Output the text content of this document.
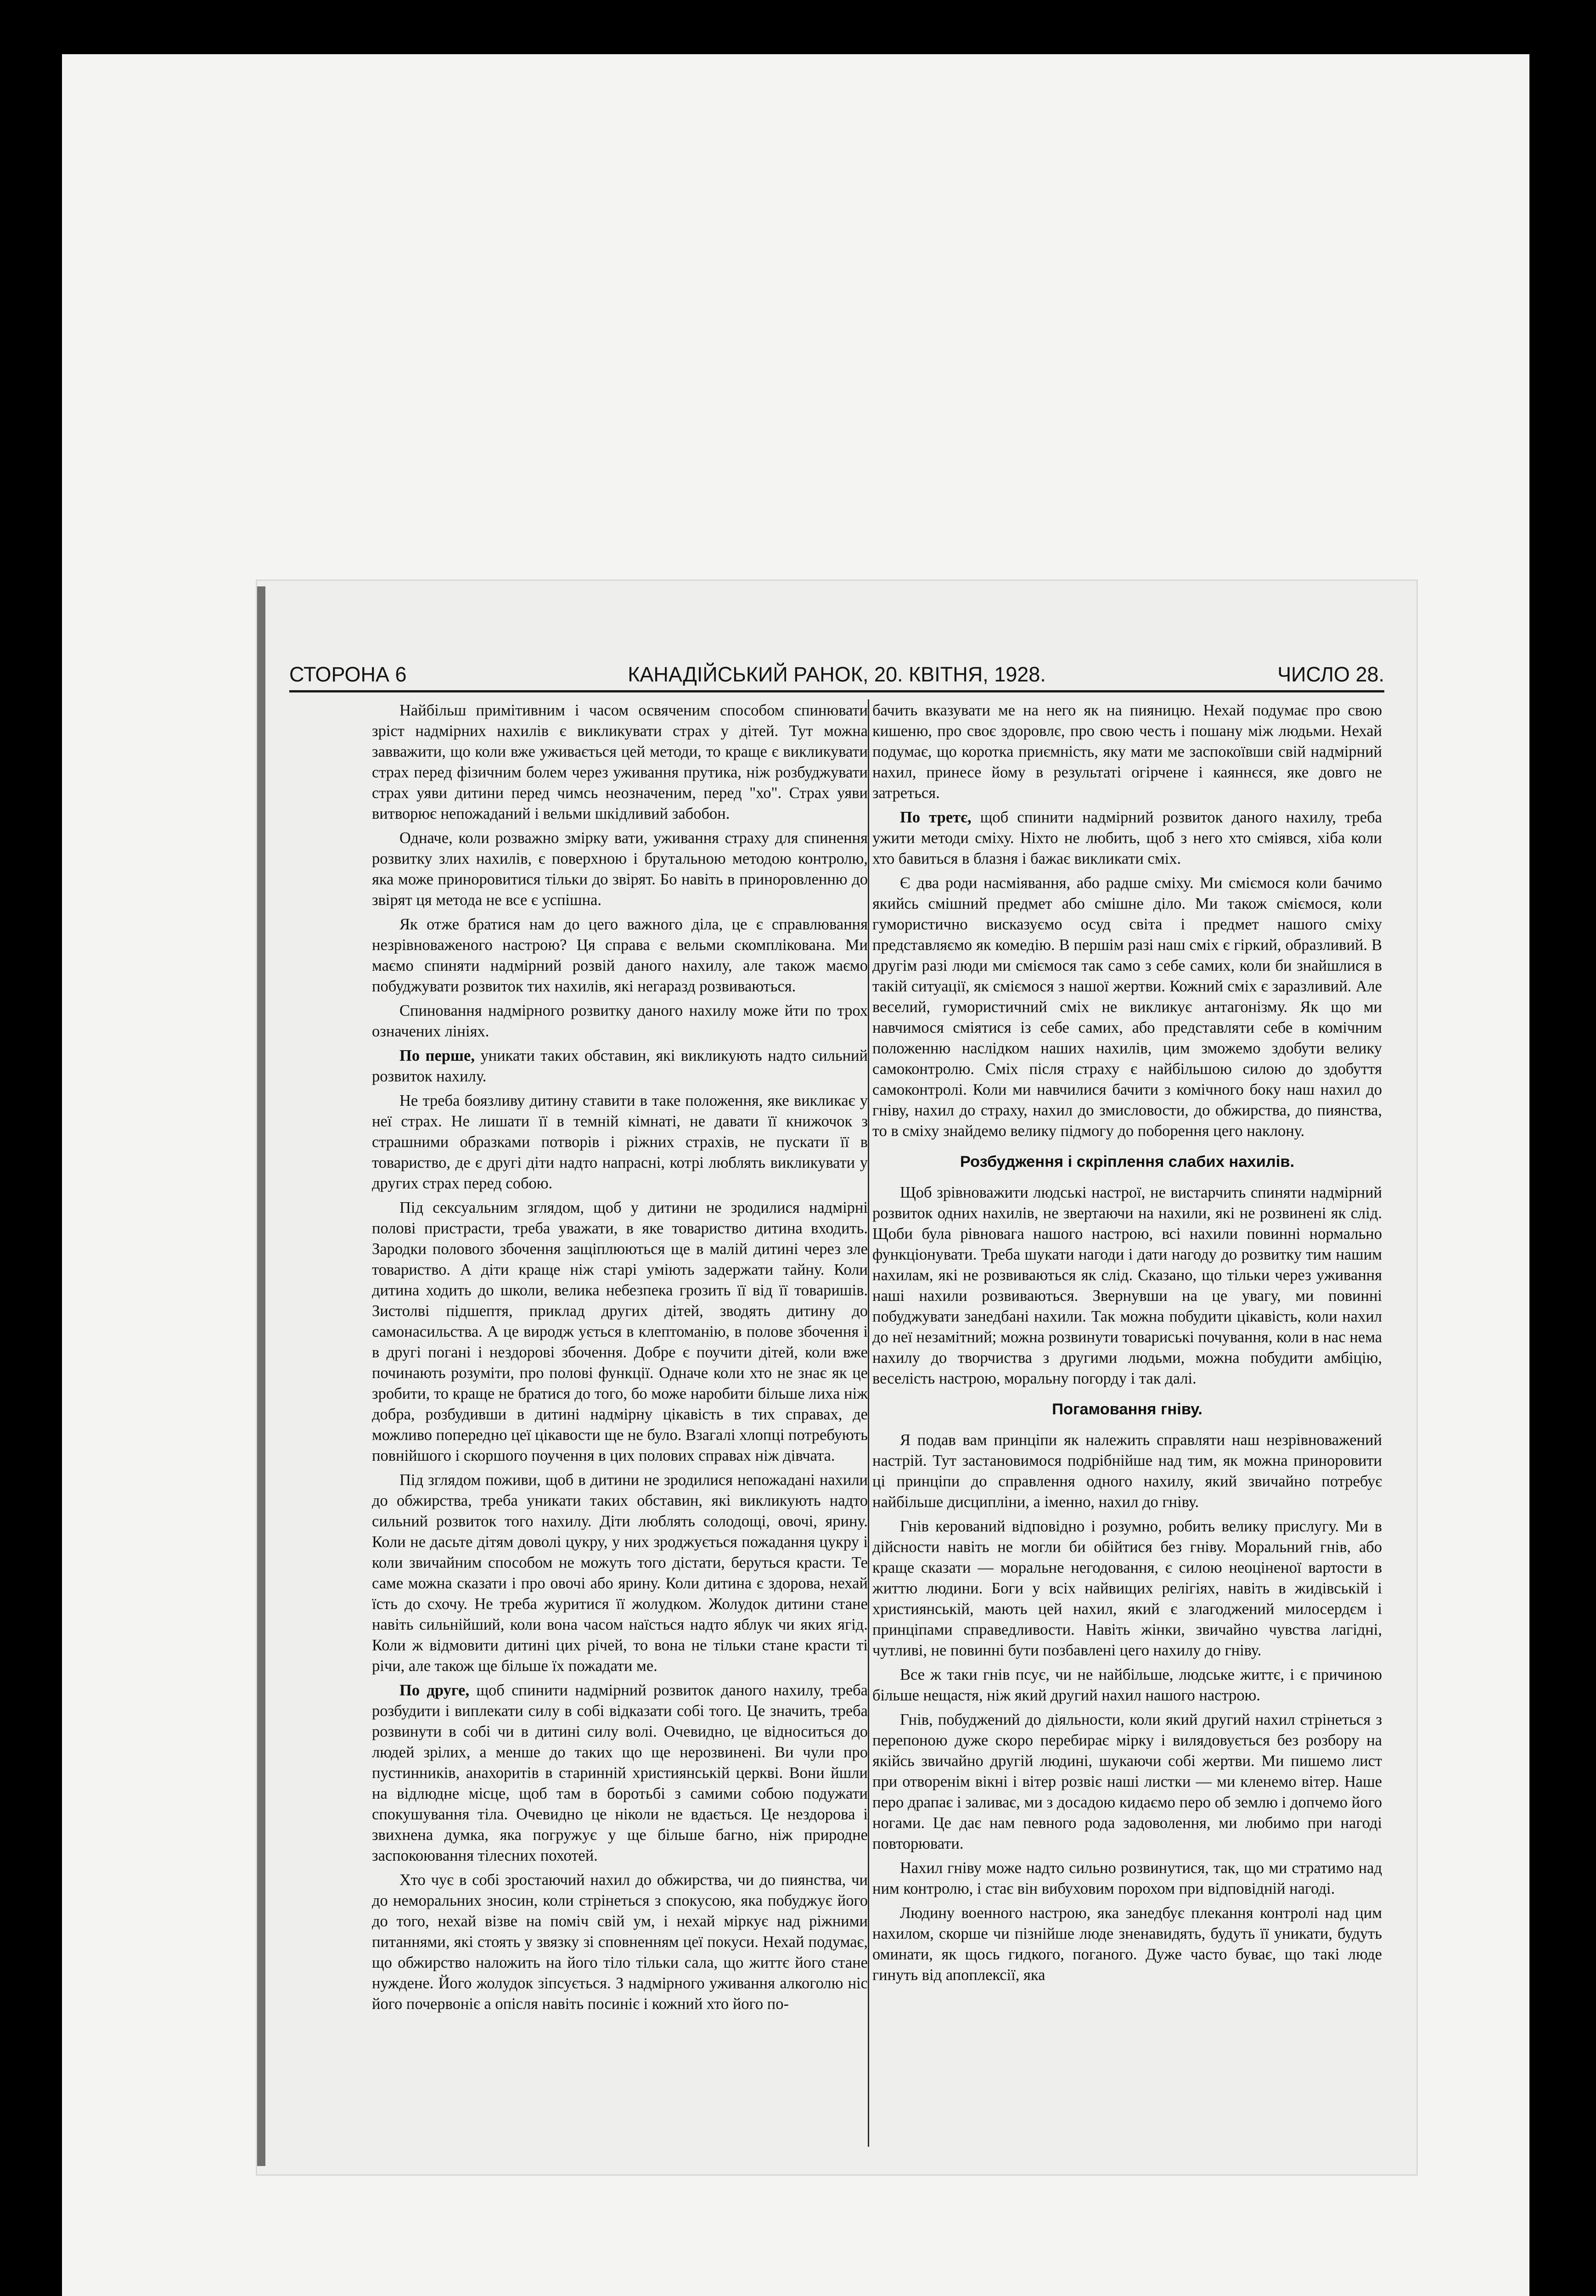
СТОРОНА 6	КАНАДІЙСЬКИЙ РАНОК, 20. КВІТНЯ, 1928.	ЧИСЛО 28.

Найбільш примітивним і часом освяченим способом спинювати зріст надмірних нахилів є викликувати страх у дітей. Тут можна завважити, що коли вже уживається цей методи, то краще є викликувати страх перед фізичним болем через уживання прутика, ніж розбуджувати страх уяви дитини перед чимсь неозначеним, перед "хо". Страх уяви витворює непожаданий і вельми шкідливий забобон.

Одначе, коли розважно змірку вати, уживання страху для спинення розвитку злих нахилів, є поверхною і брутальною методою контролю, яка може приноровитися тільки до звірят. Бо навіть в приноровленню до звірят ця метода не все є успішна.

Як отже братися нам до цего важного діла, це є справлювання незрівноваженого настрою? Ця справа є вельми скомплікована. Ми маємо спиняти надмірний розвій даного нахилу, але також маємо побуджувати розвиток тих нахилів, які негаразд розвиваються.

Спиновання надмірного розвитку даного нахилу може йти по трох означених лініях.

По перше, уникати таких обставин, які викликують надто сильний розвиток нахилу.

Не треба боязливу дитину ставити в таке положення, яке викликає у неї страх. Не лишати її в темній кімнаті, не давати її книжочок з страшними образками потворів і ріжних страхів, не пускати її в товариство, де є другі діти надто напрасні, котрі люблять викликувати у других страх перед собою.

Під сексуальним зглядом, щоб у дитини не зродилися надмірні полові пристрасти, треба уважати, в яке товариство дитина входить. Зародки полового збочення защіплюються ще в малій дитині через зле товариство. А діти краще ніж старі уміють задержати тайну. Коли дитина ходить до школи, велика небезпека грозить її від її товаришів. Зистолві підшептя, приклад других дітей, зводять дитину до самонасильства. А це виродж ується в клептоманію, в полове збочення і в другі погані і нездорові збочення. Добре є поучити дітей, коли вже починають розуміти, про полові функції. Одначе коли хто не знає як це зробити, то краще не братися до того, бо може наробити більше лиха ніж добра, розбудивши в дитині надмірну цікавість в тих справах, де можливо попередно цеї цікавости ще не було. Взагалі хлопці потребують повнійшого і скоршого поучення в цих полових справах ніж дівчата.

Під зглядом поживи, щоб в дитини не зродилися непожадані нахили до обжирства, треба уникати таких обставин, які викликують надто сильний розвиток того нахилу. Діти люблять солодощі, овочі, ярину. Коли не дасьте дітям доволі цукру, у них зроджується пожадання цукру і коли звичайним способом не можуть того дістати, беруться красти. Те саме можна сказати і про овочі або ярину. Коли дитина є здорова, нехай їсть до схочу. Не треба журитися її жолудком. Жолудок дитини стане навіть сильнійший, коли вона часом наїсться надто яблук чи яких ягід. Коли ж відмовити дитині цих річей, то вона не тільки стане красти ті річи, але також ще більше їх пожадати ме.

По друге, щоб спинити надмірний розвиток даного нахилу, треба розбудити і виплекати силу в собі відказати собі того. Це значить, треба розвинути в собі чи в дитині силу волі. Очевидно, це відноситься до людей зрілих, а менше до таких що ще нерозвинені. Ви чули про пустинників, анахоритів в старинній християнській церкві. Вони йшли на відлюдне місце, щоб там в боротьбі з самими собою подужати спокушування тіла. Очевидно це ніколи не вдається. Це нездорова і звихнена думка, яка погружує у ще більше багно, ніж природне заспокоювання тілесних похотей.

Хто чує в собі зростаючий нахил до обжирства, чи до пиянства, чи до неморальних зносин, коли стрінеться з спокусою, яка побуджує його до того, нехай візве на поміч свій ум, і нехай міркує над ріжними питаннями, які стоять у звязку зі сповненням цеї покуси. Нехай подумає, що обжирство наложить на його тіло тільки сала, що життє його стане нуждене. Його жолудок зіпсується. З надмірного уживання алкоголю ніс його почервоніє а опісля навіть посиніє і кожний хто його по-

бачить вказувати ме на него як на пияницю. Нехай подумає про свою кишеню, про своє здоровлє, про свою честь і пошану між людьми. Нехай подумає, що коротка приємність, яку мати ме заспокоївши свій надмірний нахил, принесе йому в результаті огірчене і каяннєся, яке довго не затреться.

По третє, щоб спинити надмірний розвиток даного нахилу, треба ужити методи сміху. Ніхто не любить, щоб з него хто сміявся, хіба коли хто бавиться в блазня і бажає викликати сміх.

Є два роди насміявання, або радше сміху. Ми сміємося коли бачимо якийсь смішний предмет або смішне діло. Ми також сміємося, коли гумористично висказуємо осуд світа і предмет нашого сміху представляємо як комедію. В першім разі наш сміх є гіркий, образливий. В другім разі люди ми сміємося так само з себе самих, коли би знайшлися в такій ситуації, як сміємося з нашої жертви. Кожний сміх є заразливий. Але веселий, гумористичний сміх не викликує антагонізму. Як що ми навчимося сміятися із себе самих, або представляти себе в комічним положенню наслідком наших нахилів, цим зможемо здобути велику самоконтролю. Сміх після страху є найбільшою силою до здобуття самоконтролі. Коли ми навчилися бачити з комічного боку наш нахил до гніву, нахил до страху, нахил до змисловости, до обжирства, до пиянства, то в сміху знайдемо велику підмогу до поборення цего наклону.

Розбудження і скріплення слабих нахилів.

Щоб зрівноважити людські настрої, не вистарчить спиняти надмірний розвиток одних нахилів, не звертаючи на нахили, які не розвинені як слід. Щоби була рівновага нашого настрою, всі нахили повинні нормально функціонувати. Треба шукати нагоди і дати нагоду до розвитку тим нашим нахилам, які не розвиваються як слід. Сказано, що тільки через уживання наші нахили розвиваються. Звернувши на це увагу, ми повинні побуджувати занедбані нахили. Так можна побудити цікавість, коли нахил до неї незамітний; можна розвинути товариські почування, коли в нас нема нахилу до творчиства з другими людьми, можна побудити амбіцію, веселість настрою, моральну погорду і так далі.

Погамовання гніву.

Я подав вам принціпи як належить справляти наш незрівноважений настрій. Тут застановимося подрібнійше над тим, як можна приноровити ці принціпи до справлення одного нахилу, який звичайно потребує найбільше дисципліни, а іменно, нахил до гніву.

Гнів керований відповідно і розумно, робить велику прислугу. Ми в дійсности навіть не могли би обійтися без гніву. Моральний гнів, або краще сказати — моральне негодовання, є силою неоціненої вартости в життю людини. Боги у всіх найвищих релігіях, навіть в жидівській і християнській, мають цей нахил, який є злагоджений милосердєм і принціпами справедливости. Навіть жінки, звичайно чувства лагідні, чутливі, не повинні бути позбавлені цего нахилу до гніву.

Все ж таки гнів псує, чи не найбільше, людське життє, і є причиною більше нещастя, ніж який другий нахил нашого настрою.

Гнів, побуджений до діяльности, коли який другий нахил стрінеться з перепоною дуже скоро перебирає мірку і вилядовується без розбору на якійсь звичайно другій людині, шукаючи собі жертви. Ми пишемо лист при отворенім вікні і вітер розвіє наші листки — ми кленемо вітер. Наше перо драпає і заливає, ми з досадою кидаємо перо об землю і допчемо його ногами. Це дає нам певного рода задоволення, ми любимо при нагоді повторювати.

Нахил гніву може надто сильно розвинутися, так, що ми стратимо над ним контролю, і стає він вибуховим порохом при відповідній нагоді.

Людину военного настрою, яка занедбує плекання контролі над цим нахилом, скорше чи пізнійше люде зненавидять, будуть її уникати, будуть оминати, як щось гидкого, поганого. Дуже часто буває, що такі люде гинуть від апоплексії, яка
